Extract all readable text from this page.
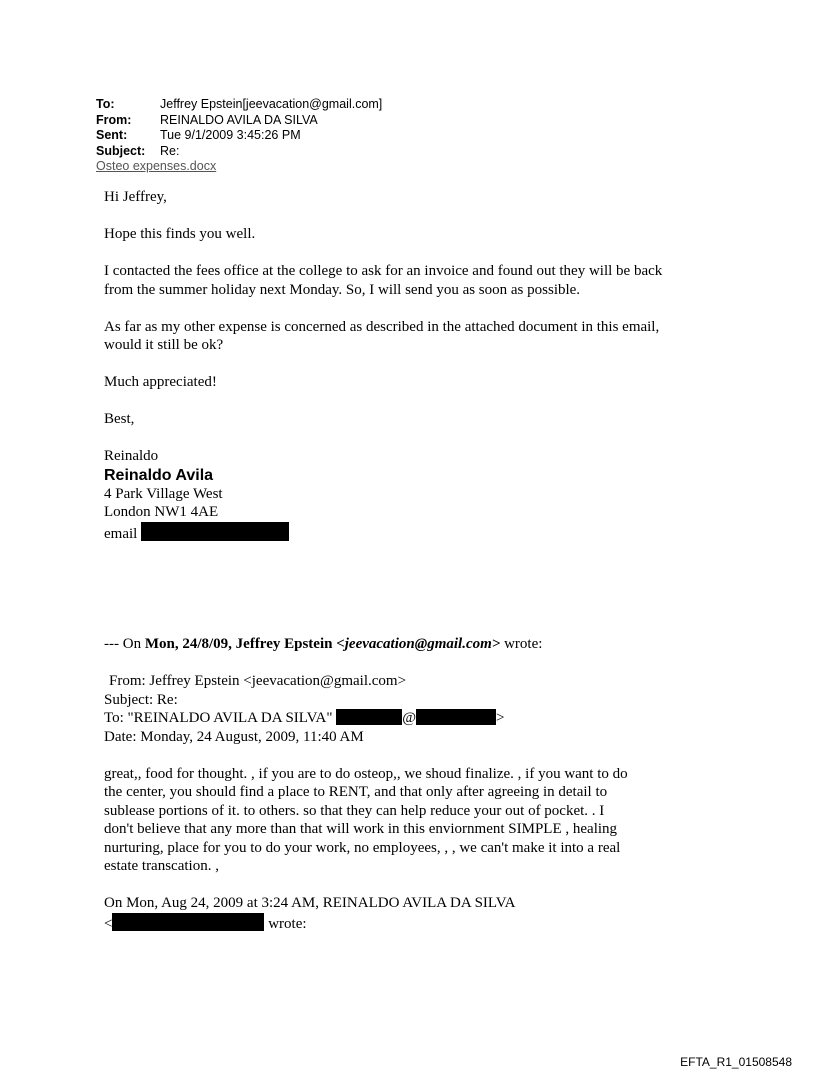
To:	Jeffrey Epstein[jeevacation@gmail.com]
From:	REINALDO AVILA DA SILVA
Sent:	Tue 9/1/2009 3:45:26 PM
Subject:	Re:
Osteo expenses.docx

Hi Jeffrey,

Hope this finds you well.

I contacted the fees office at the college to ask for an invoice and found out they will be back

from the summer holiday next Monday. So, I will send you as soon as possible.

As far as my other expense is concerned as described in the attached document in this email,

would it still be ok?

Much appreciated!

Best,

Reinaldo

Reinaldo Avila

4 Park Village West

London NW1 4AE

email

--- On Mon, 24/8/09, Jeffrey Epstein <jeevacation@gmail.com> wrote:

From: Jeffrey Epstein <jeevacation@gmail.com>

Subject: Re:

To: "REINALDO AVILA DA SILVA"	@	>

Date: Monday, 24 August, 2009, 11:40 AM

great,, food for thought. , if you are to do osteop,, we shoud finalize. , if you want to do

the center, you should find a place to RENT, and that only after agreeing in detail to

sublease portions of it. to others. so that they can help reduce your out of pocket. . I

don't believe that any more than that will work in this enviornment SIMPLE , healing

nurturing, place for you to do your work, no employees, , , we can't make it into a real

estate transcation. ,

On Mon, Aug 24, 2009 at 3:24 AM, REINALDO AVILA DA SILVA

<	wrote:

EFTA_R1_01508548
